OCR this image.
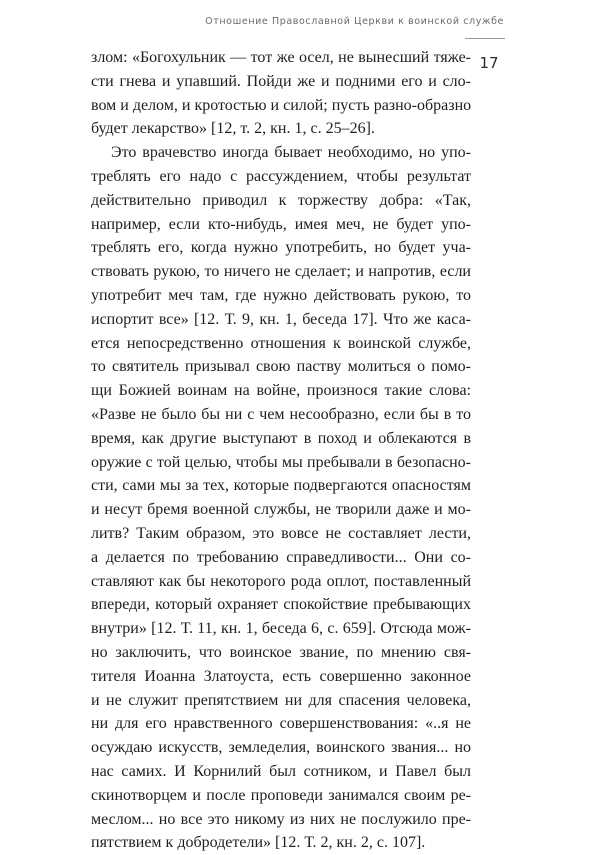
Отношение Православной Церкви к воинской службе
17
злом: «Богохульник — тот же осел, не вынесший тяже-
сти гнева и упавший. Пойди же и подними его и сло-
вом и делом, и кротостью и силой; пусть разно-образно
будет лекарство» [12, т. 2, кн. 1, с. 25–26].
Это врачевство иногда бывает необходимо, но упо-
треблять его надо с рассуждением, чтобы результат
действительно приводил к торжеству добра: «Так,
например, если кто-нибудь, имея меч, не будет упо-
треблять его, когда нужно употребить, но будет уча-
ствовать рукою, то ничего не сделает; и напротив, если
употребит меч там, где нужно действовать рукою, то
испортит все» [12. Т. 9, кн. 1, беседа 17]. Что же каса-
ется непосредственно отношения к воинской службе,
то святитель призывал свою паству молиться о помо-
щи Божией воинам на войне, произнося такие слова:
«Разве не было бы ни с чем несообразно, если бы в то
время, как другие выступают в поход и облекаются в
оружие с той целью, чтобы мы пребывали в безопасно-
сти, сами мы за тех, которые подвергаются опасностям
и несут бремя военной службы, не творили даже и мо-
литв? Таким образом, это вовсе не составляет лести,
а делается по требованию справедливости... Они со-
ставляют как бы некоторого рода оплот, поставленный
впереди, который охраняет спокойствие пребывающих
внутри» [12. Т. 11, кн. 1, беседа 6, с. 659]. Отсюда мож-
но заключить, что воинское звание, по мнению свя-
тителя Иоанна Златоуста, есть совершенно законное
и не служит препятствием ни для спасения человека,
ни для его нравственного совершенствования: «..я не
осуждаю искусств, земледелия, воинского звания... но
нас самих. И Корнилий был сотником, и Павел был
скинотворцем и после проповеди занимался своим ре-
меслом... но все это никому из них не послужило пре-
пятствием к добродетели» [12. Т. 2, кн. 2, с. 107].
